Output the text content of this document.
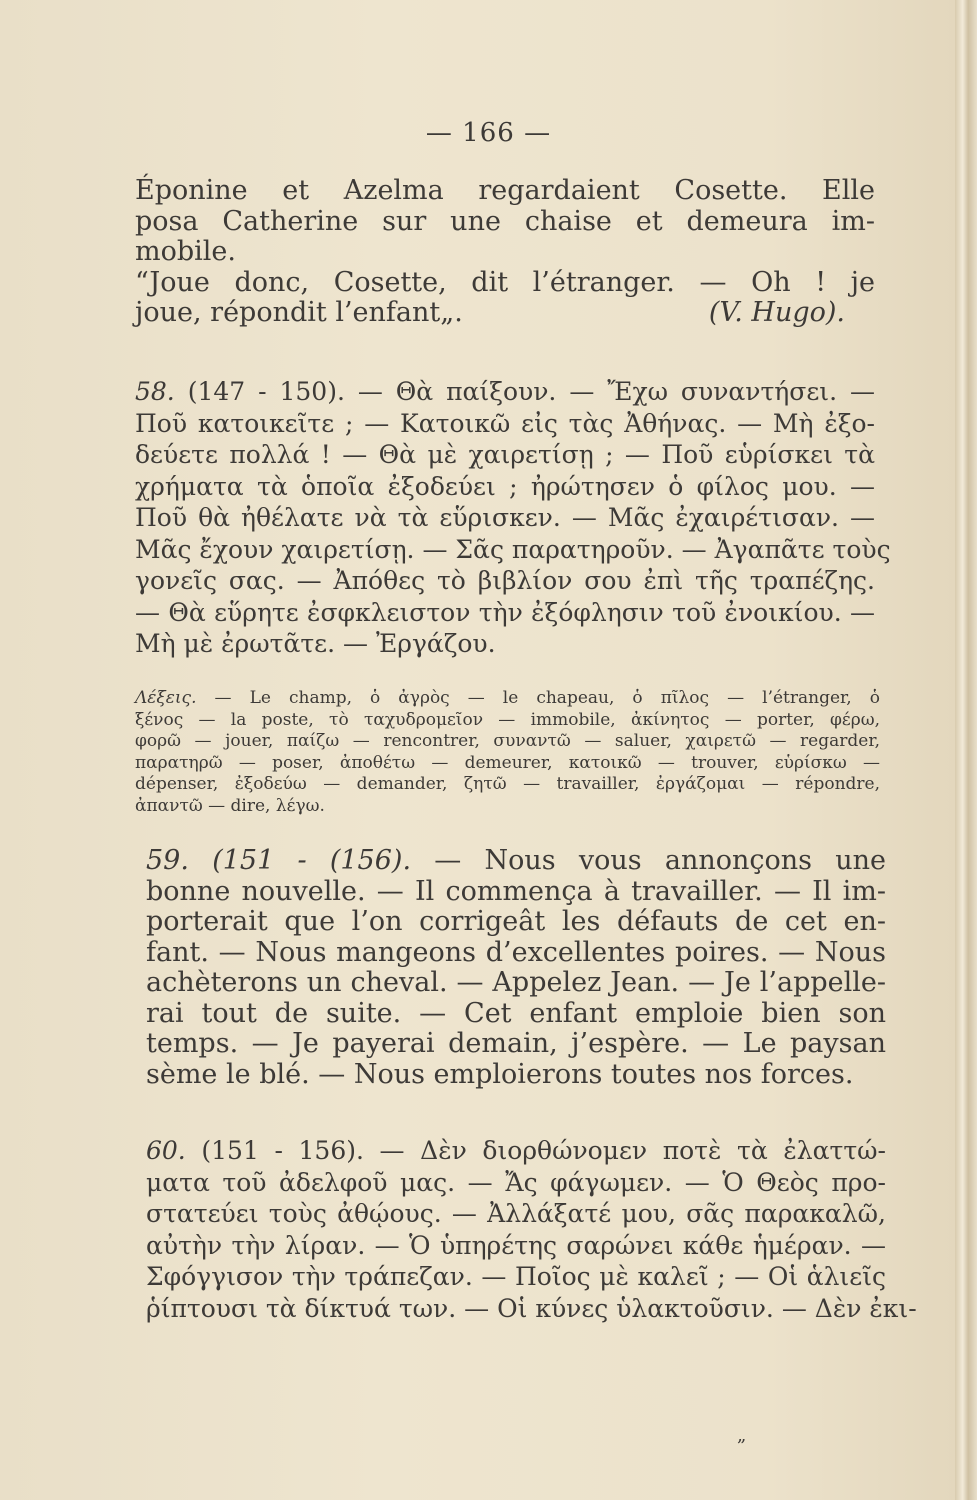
— 166 —
Éponine et Azelma regardaient Cosette. Elle
posa Catherine sur une chaise et demeura im-
mobile.
“Joue donc, Cosette, dit l’étranger. — Oh ! je
joue, répondit l’enfant„.	(V. Hugo).
58. (147 - 150). — Θὰ παίξουν. — Ἔχω συναντήσει. —
Ποῦ κατοικεῖτε ; — Κατοικῶ εἰς τὰς Ἀθήνας. — Μὴ ἐξο-
δεύετε πολλά ! — Θὰ μὲ χαιρετίσῃ ; — Ποῦ εὑρίσκει τὰ
χρήματα τὰ ὁποῖα ἐξοδεύει ; ἠρώτησεν ὁ φίλος μου. —
Ποῦ θὰ ἠθέλατε νὰ τὰ εὕρισκεν. — Μᾶς ἐχαιρέτισαν. —
Μᾶς ἔχουν χαιρετίσῃ. — Σᾶς παρατηροῦν. — Ἀγαπᾶτε τοὺς
γονεῖς σας. — Ἀπόθες τὸ βιβλίον σου ἐπὶ τῆς τραπέζης.
— Θὰ εὕρητε ἐσφκλειστον τὴν ἐξόφλησιν τοῦ ἐνοικίου. —
Μὴ μὲ ἐρωτᾶτε. — Ἐργάζου.
Λέξεις. — Le champ, ὁ ἀγρὸς — le chapeau, ὁ πῖλος — l’étranger, ὁ
ξένος — la poste, τὸ ταχυδρομεῖον — immobile, ἀκίνητος — porter, φέρω,
φορῶ — jouer, παίζω — rencontrer, συναντῶ — saluer, χαιρετῶ — regarder,
παρατηρῶ — poser, ἀποθέτω — demeurer, κατοικῶ — trouver, εὑρίσκω —
dépenser, ἐξοδεύω — demander, ζητῶ — travailler, ἐργάζομαι — répondre,
ἀπαντῶ — dire, λέγω.
59. (151 - (156). — Nous vous annonçons une
bonne nouvelle. — Il commença à travailler. — Il im-
porterait que l’on corrigeât les défauts de cet en-
fant. — Nous mangeons d’excellentes poires. — Nous
achèterons un cheval. — Appelez Jean. — Je l’appelle-
rai tout de suite. — Cet enfant emploie bien son
temps. — Je payerai demain, j’espère. — Le paysan
sème le blé. — Nous emploierons toutes nos forces.
60. (151 - 156). — Δὲν διορθώνομεν ποτὲ τὰ ἐλαττώ-
ματα τοῦ ἀδελφοῦ μας. — Ἄς φάγωμεν. — Ὁ Θεὸς προ-
στατεύει τοὺς ἀθῴους. — Ἀλλάξατέ μου, σᾶς παρακαλῶ,
αὐτὴν τὴν λίραν. — Ὁ ὑπηρέτης σαρώνει κάθε ἡμέραν. —
Σφόγγισον τὴν τράπεζαν. — Ποῖος μὲ καλεῖ ; — Οἱ ἁλιεῖς
ῥίπτουσι τὰ δίκτυά των. — Οἱ κύνες ὑλακτοῦσιν. — Δὲν ἐκι-
„
